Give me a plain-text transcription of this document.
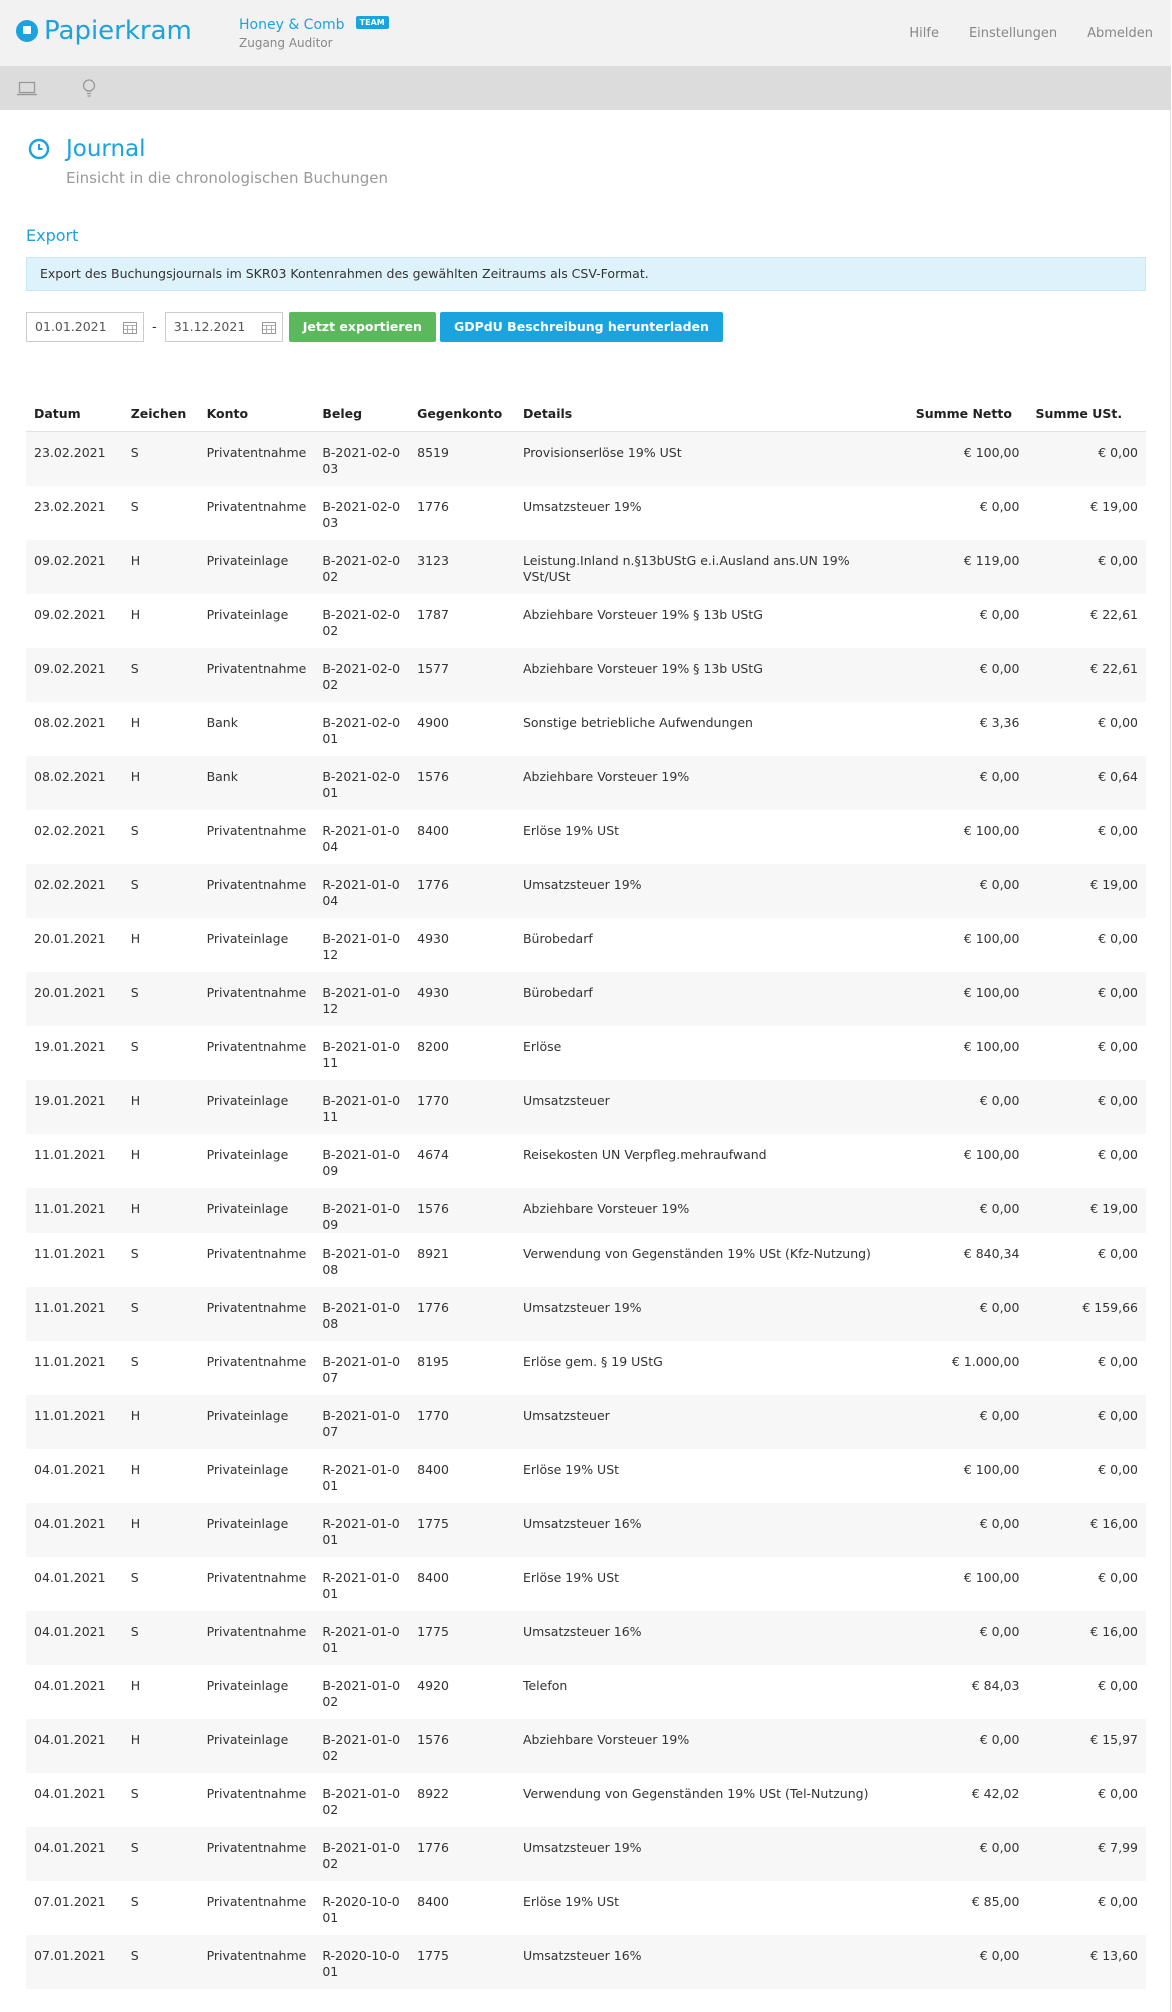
Papierkram	Honey & Comb TEAM
Zugang Auditor
Hilfe Einstellungen Abmelden
Journal
Einsicht in die chronologischen Buchungen
Export
Export des Buchungsjournals im SKR03 Kontenrahmen des gewählten Zeitraums als CSV-Format.
01.01.2021	-	31.12.2021	Jetzt exportieren	GDPdU Beschreibung herunterladen
Datum	Zeichen	Konto	Beleg	Gegenkonto	Details	Summe Netto	Summe USt.
23.02.2021	S	Privatentnahme	B-2021-02-003	8519	Provisionserlöse 19% USt	€ 100,00	€ 0,00
23.02.2021	S	Privatentnahme	B-2021-02-003	1776	Umsatzsteuer 19%	€ 0,00	€ 19,00
09.02.2021	H	Privateinlage	B-2021-02-002	3123	Leistung.Inland n.§13bUStG e.i.Ausland ans.UN 19% VSt/USt	€ 119,00	€ 0,00
09.02.2021	H	Privateinlage	B-2021-02-002	1787	Abziehbare Vorsteuer 19% § 13b UStG	€ 0,00	€ 22,61
09.02.2021	S	Privatentnahme	B-2021-02-002	1577	Abziehbare Vorsteuer 19% § 13b UStG	€ 0,00	€ 22,61
08.02.2021	H	Bank	B-2021-02-001	4900	Sonstige betriebliche Aufwendungen	€ 3,36	€ 0,00
08.02.2021	H	Bank	B-2021-02-001	1576	Abziehbare Vorsteuer 19%	€ 0,00	€ 0,64
02.02.2021	S	Privatentnahme	R-2021-01-004	8400	Erlöse 19% USt	€ 100,00	€ 0,00
02.02.2021	S	Privatentnahme	R-2021-01-004	1776	Umsatzsteuer 19%	€ 0,00	€ 19,00
20.01.2021	H	Privateinlage	B-2021-01-012	4930	Bürobedarf	€ 100,00	€ 0,00
20.01.2021	S	Privatentnahme	B-2021-01-012	4930	Bürobedarf	€ 100,00	€ 0,00
19.01.2021	S	Privatentnahme	B-2021-01-011	8200	Erlöse	€ 100,00	€ 0,00
19.01.2021	H	Privateinlage	B-2021-01-011	1770	Umsatzsteuer	€ 0,00	€ 0,00
11.01.2021	H	Privateinlage	B-2021-01-009	4674	Reisekosten UN Verpfleg.mehraufwand	€ 100,00	€ 0,00
11.01.2021	H	Privateinlage	B-2021-01-009	1576	Abziehbare Vorsteuer 19%	€ 0,00	€ 19,00
11.01.2021	S	Privatentnahme	B-2021-01-008	8921	Verwendung von Gegenständen 19% USt (Kfz-Nutzung)	€ 840,34	€ 0,00
11.01.2021	S	Privatentnahme	B-2021-01-008	1776	Umsatzsteuer 19%	€ 0,00	€ 159,66
11.01.2021	S	Privatentnahme	B-2021-01-007	8195	Erlöse gem. § 19 UStG	€ 1.000,00	€ 0,00
11.01.2021	H	Privateinlage	B-2021-01-007	1770	Umsatzsteuer	€ 0,00	€ 0,00
04.01.2021	H	Privateinlage	R-2021-01-001	8400	Erlöse 19% USt	€ 100,00	€ 0,00
04.01.2021	H	Privateinlage	R-2021-01-001	1775	Umsatzsteuer 16%	€ 0,00	€ 16,00
04.01.2021	S	Privatentnahme	R-2021-01-001	8400	Erlöse 19% USt	€ 100,00	€ 0,00
04.01.2021	S	Privatentnahme	R-2021-01-001	1775	Umsatzsteuer 16%	€ 0,00	€ 16,00
04.01.2021	H	Privateinlage	B-2021-01-002	4920	Telefon	€ 84,03	€ 0,00
04.01.2021	H	Privateinlage	B-2021-01-002	1576	Abziehbare Vorsteuer 19%	€ 0,00	€ 15,97
04.01.2021	S	Privatentnahme	B-2021-01-002	8922	Verwendung von Gegenständen 19% USt (Tel-Nutzung)	€ 42,02	€ 0,00
04.01.2021	S	Privatentnahme	B-2021-01-002	1776	Umsatzsteuer 19%	€ 0,00	€ 7,99
07.01.2021	S	Privatentnahme	R-2020-10-001	8400	Erlöse 19% USt	€ 85,00	€ 0,00
07.01.2021	S	Privatentnahme	R-2020-10-001	1775	Umsatzsteuer 16%	€ 0,00	€ 13,60
